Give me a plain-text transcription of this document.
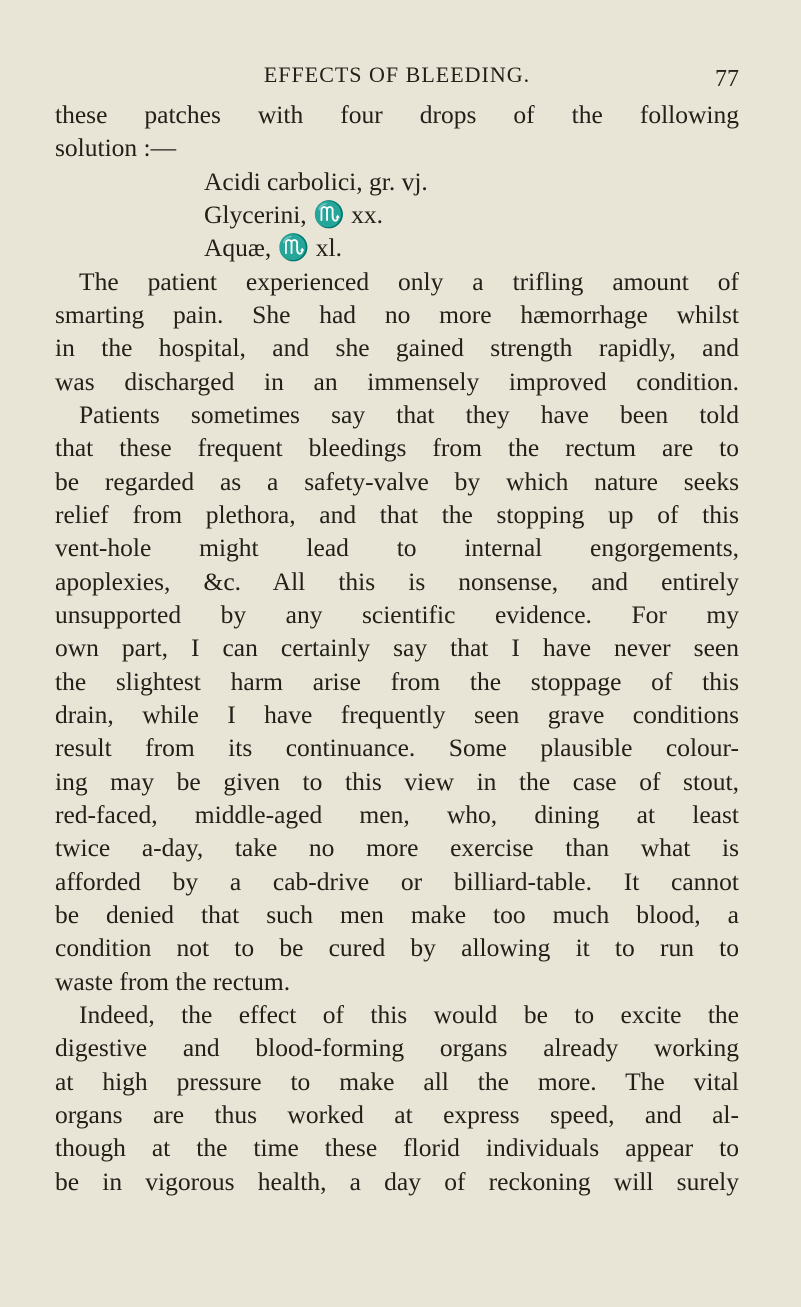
EFFECTS OF BLEEDING.	77
these patches with four drops of the following
solution :—
Acidi carbolici, gr. vj.
Glycerini, ♏ xx.
Aquæ, ♏ xl.
The patient experienced only a trifling amount of
smarting pain. She had no more hæmorrhage whilst
in the hospital, and she gained strength rapidly, and
was discharged in an immensely improved condition.
Patients sometimes say that they have been told
that these frequent bleedings from the rectum are to
be regarded as a safety-valve by which nature seeks
relief from plethora, and that the stopping up of this
vent-hole might lead to internal engorgements,
apoplexies, &c. All this is nonsense, and entirely
unsupported by any scientific evidence. For my
own part, I can certainly say that I have never seen
the slightest harm arise from the stoppage of this
drain, while I have frequently seen grave conditions
result from its continuance. Some plausible colour-
ing may be given to this view in the case of stout,
red-faced, middle-aged men, who, dining at least
twice a-day, take no more exercise than what is
afforded by a cab-drive or billiard-table. It cannot
be denied that such men make too much blood, a
condition not to be cured by allowing it to run to
waste from the rectum.
Indeed, the effect of this would be to excite the
digestive and blood-forming organs already working
at high pressure to make all the more. The vital
organs are thus worked at express speed, and al-
though at the time these florid individuals appear to
be in vigorous health, a day of reckoning will surely
